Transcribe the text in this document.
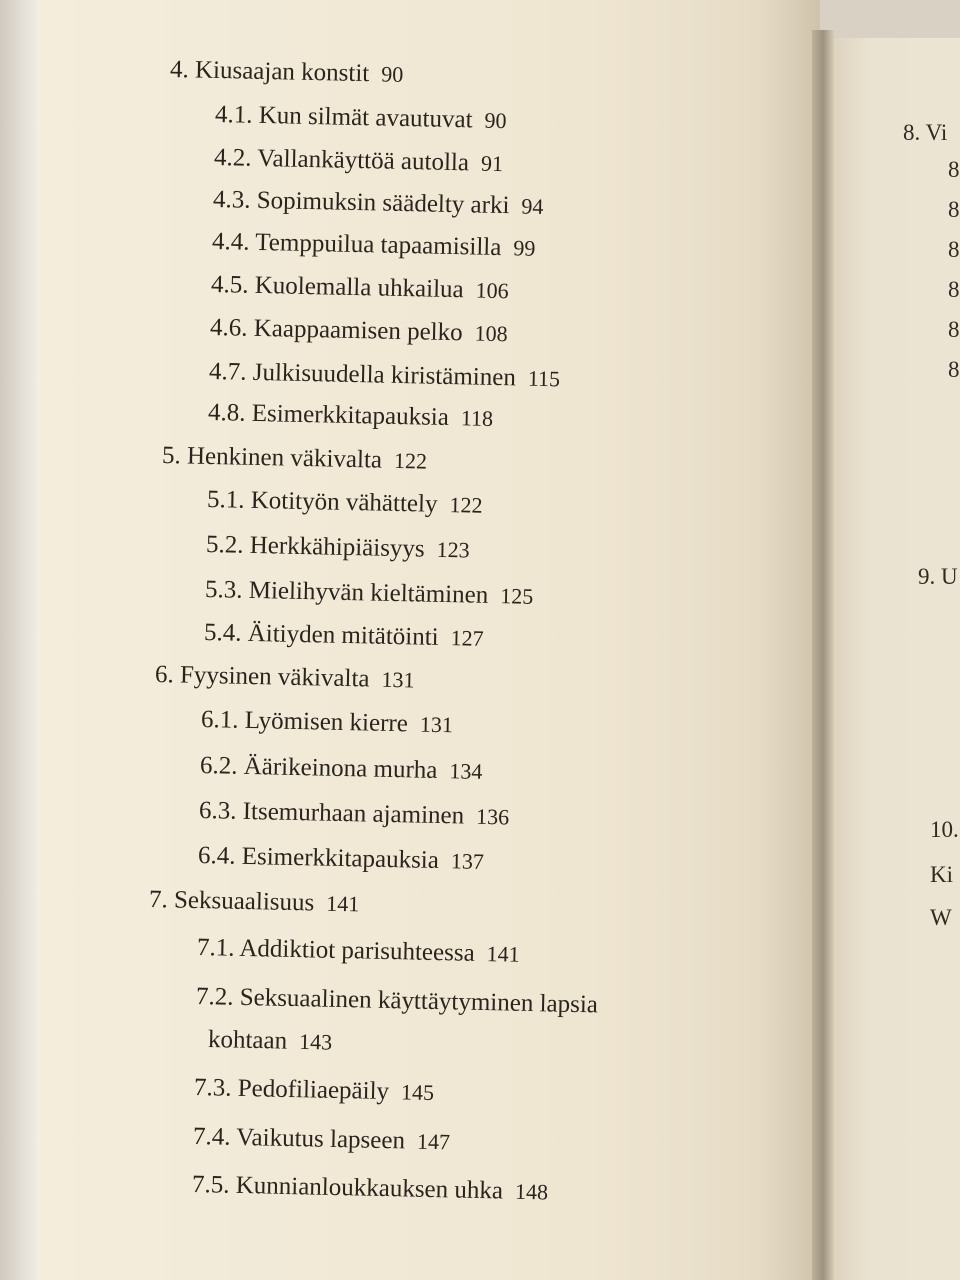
4. Kiusaajan konstit 90
4.1. Kun silmät avautuvat 90
4.2. Vallankäyttöä autolla 91
4.3. Sopimuksin säädelty arki 94
4.4. Temppuilua tapaamisilla 99
4.5. Kuolemalla uhkailua 106
4.6. Kaappaamisen pelko 108
4.7. Julkisuudella kiristäminen 115
4.8. Esimerkkitapauksia 118
5. Henkinen väkivalta 122
5.1. Kotityön vähättely 122
5.2. Herkkähipiäisyys 123
5.3. Mielihyvän kieltäminen 125
5.4. Äitiyden mitätöinti 127
6. Fyysinen väkivalta 131
6.1. Lyömisen kierre 131
6.2. Äärikeinona murha 134
6.3. Itsemurhaan ajaminen 136
6.4. Esimerkkitapauksia 137
7. Seksuaalisuus 141
7.1. Addiktiot parisuhteessa 141
7.2. Seksuaalinen käyttäytyminen lapsia
kohtaan 143
7.3. Pedofiliaepäily 145
7.4. Vaikutus lapseen 147
7.5. Kunnianloukkauksen uhka 148
8. Vi
8
8
8
8
8
8
9. U
10.
Ki
W
